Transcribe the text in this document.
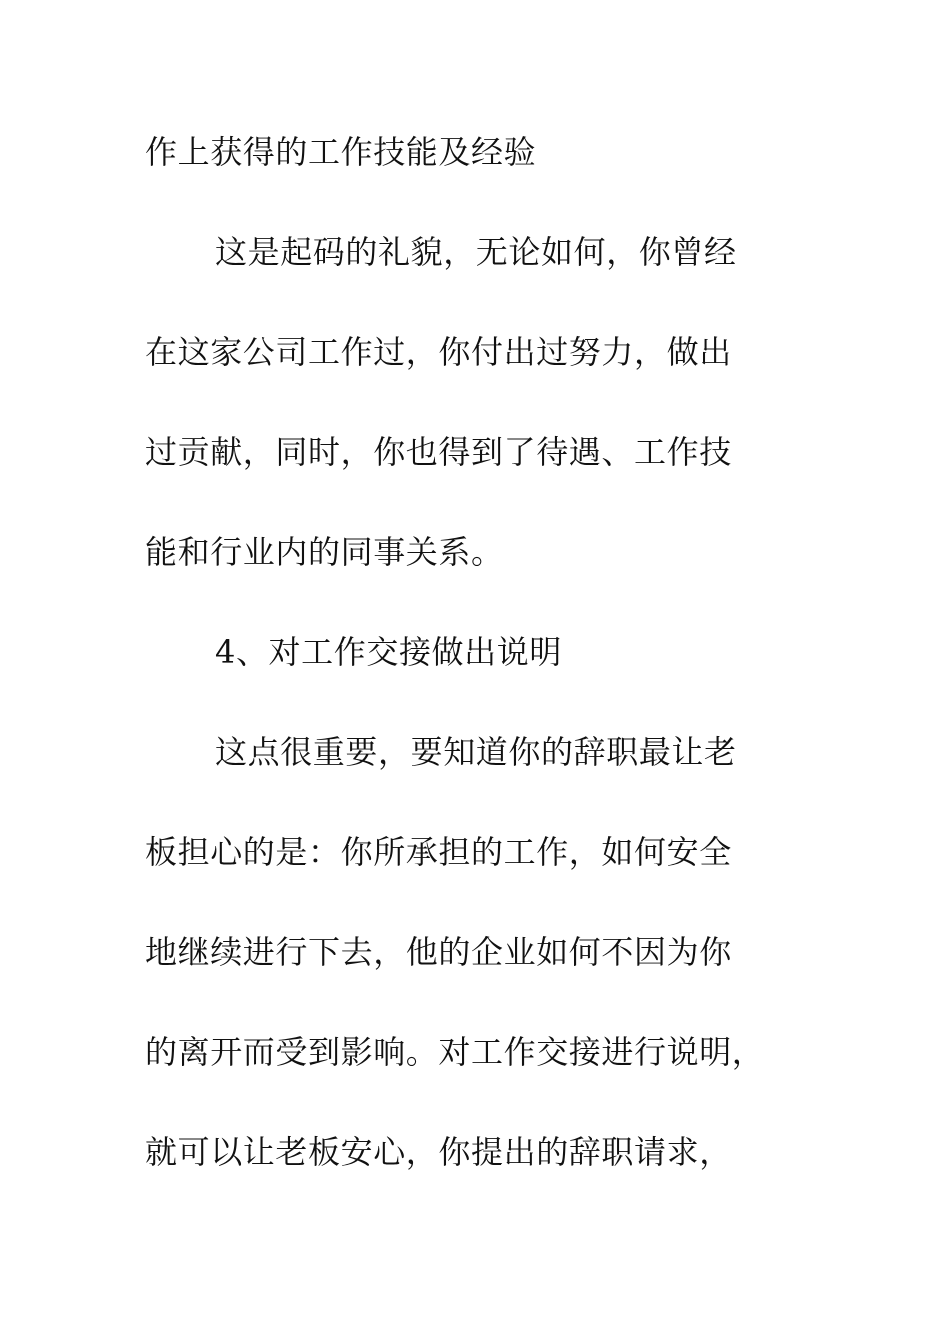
作上获得的工作技能及经验
这是起码的礼貌，无论如何，你曾经
在这家公司工作过，你付出过努力，做出
过贡献，同时，你也得到了待遇、工作技
能和行业内的同事关系。
4、对工作交接做出说明
这点很重要，要知道你的辞职最让老
板担心的是：你所承担的工作，如何安全
地继续进行下去，他的企业如何不因为你
的离开而受到影响。对工作交接进行说明，
就可以让老板安心，你提出的辞职请求，
